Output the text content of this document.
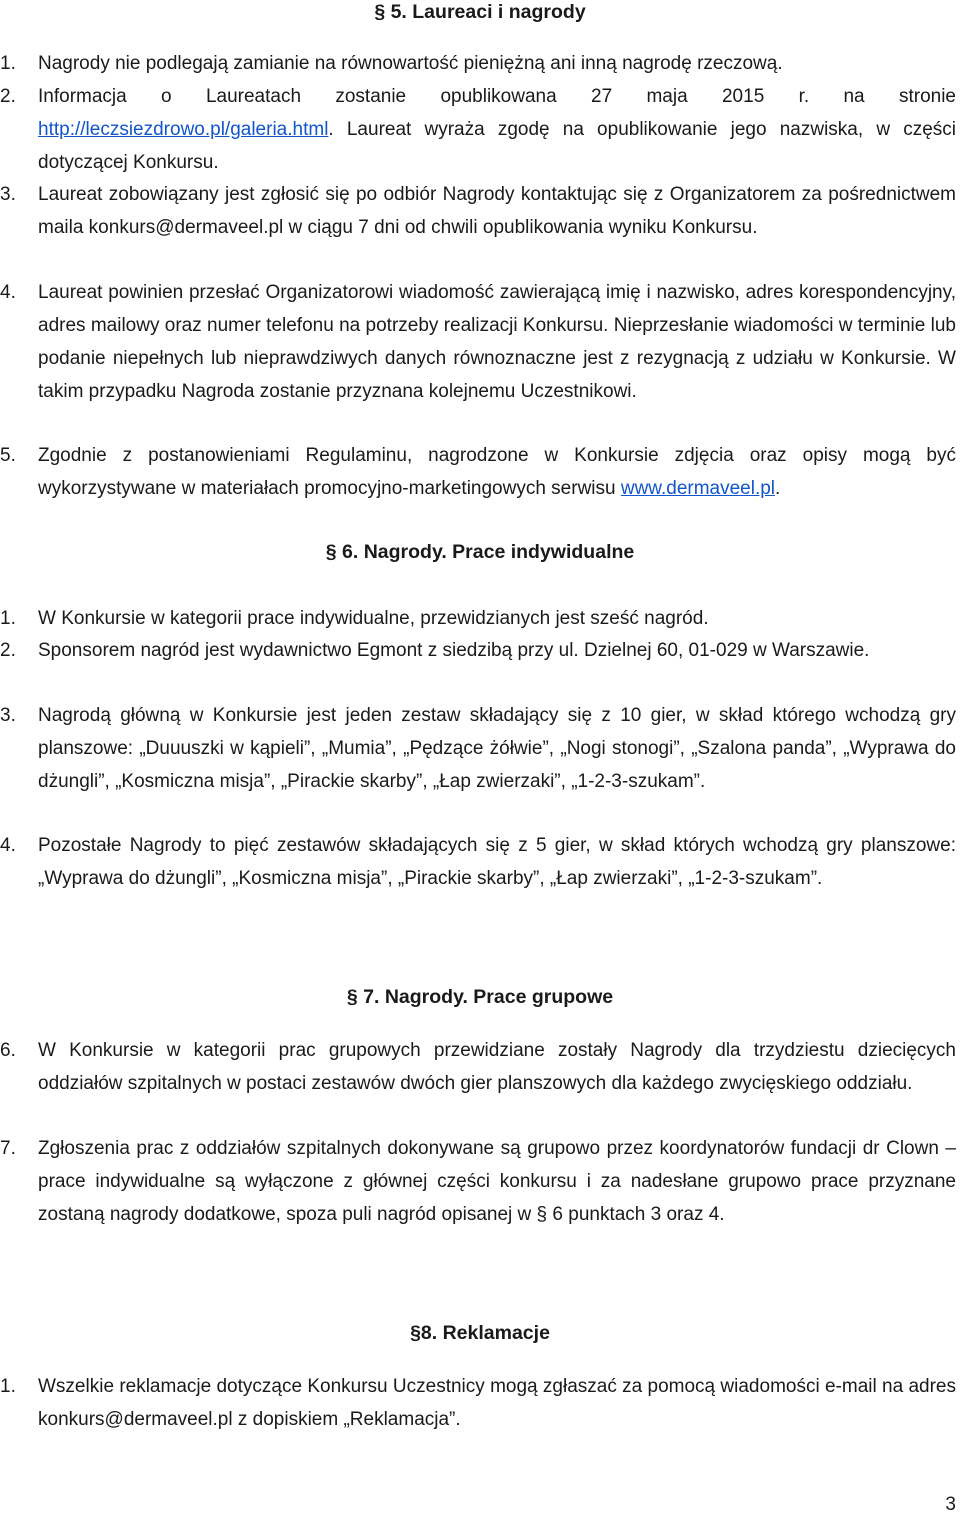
§ 5. Laureaci i nagrody
1.	Nagrody nie podlegają zamianie na równowartość pieniężną ani inną nagrodę rzeczową.
2.	Informacja o Laureatach zostanie opublikowana 27 maja 2015 r. na stronie http://leczsiezdrowo.pl/galeria.html. Laureat wyraża zgodę na opublikowanie jego nazwiska, w części dotyczącej Konkursu.
3.	Laureat zobowiązany jest zgłosić się po odbiór Nagrody kontaktując się z Organizatorem za pośrednictwem maila konkurs@dermaveel.pl w ciągu 7 dni od chwili opublikowania wyniku Konkursu.
4.	Laureat powinien przesłać Organizatorowi wiadomość zawierającą imię i nazwisko, adres korespondencyjny, adres mailowy oraz numer telefonu na potrzeby realizacji Konkursu. Nieprzesłanie wiadomości w terminie lub podanie niepełnych lub nieprawdziwych danych równoznaczne jest z rezygnacją z udziału w Konkursie. W takim przypadku Nagroda zostanie przyznana kolejnemu Uczestnikowi.
5.	Zgodnie z postanowieniami Regulaminu, nagrodzone w Konkursie zdjęcia oraz opisy mogą być wykorzystywane w materiałach promocyjno-marketingowych serwisu www.dermaveel.pl.
§ 6. Nagrody. Prace indywidualne
1.	W Konkursie w kategorii prace indywidualne, przewidzianych jest sześć nagród.
2.	Sponsorem nagród jest wydawnictwo Egmont z siedzibą przy ul. Dzielnej 60, 01-029 w Warszawie.
3.	Nagrodą główną w Konkursie jest jeden zestaw składający się z 10 gier, w skład którego wchodzą gry planszowe: „Duuuszki w kąpieli”, „Mumia”, „Pędzące żółwie”, „Nogi stonogi”, „Szalona panda”, „Wyprawa do dżungli”, „Kosmiczna misja”, „Pirackie skarby”, „Łap zwierzaki”, „1-2-3-szukam”.
4.	Pozostałe Nagrody to pięć zestawów składających się z 5 gier, w skład których wchodzą gry planszowe: „Wyprawa do dżungli”, „Kosmiczna misja”, „Pirackie skarby”, „Łap zwierzaki”, „1-2-3-szukam”.
§ 7. Nagrody. Prace grupowe
6.	W Konkursie w kategorii prac grupowych przewidziane zostały Nagrody dla trzydziestu dziecięcych oddziałów szpitalnych w postaci zestawów dwóch gier planszowych dla każdego zwycięskiego oddziału.
7.	Zgłoszenia prac z oddziałów szpitalnych dokonywane są grupowo przez koordynatorów fundacji dr Clown – prace indywidualne są wyłączone z głównej części konkursu i za nadesłane grupowo prace przyznane zostaną nagrody dodatkowe, spoza puli nagród opisanej w § 6 punktach 3 oraz 4.
§8. Reklamacje
1.	Wszelkie reklamacje dotyczące Konkursu Uczestnicy mogą zgłaszać za pomocą wiadomości e-mail na adres konkurs@dermaveel.pl z dopiskiem „Reklamacja”.
3
